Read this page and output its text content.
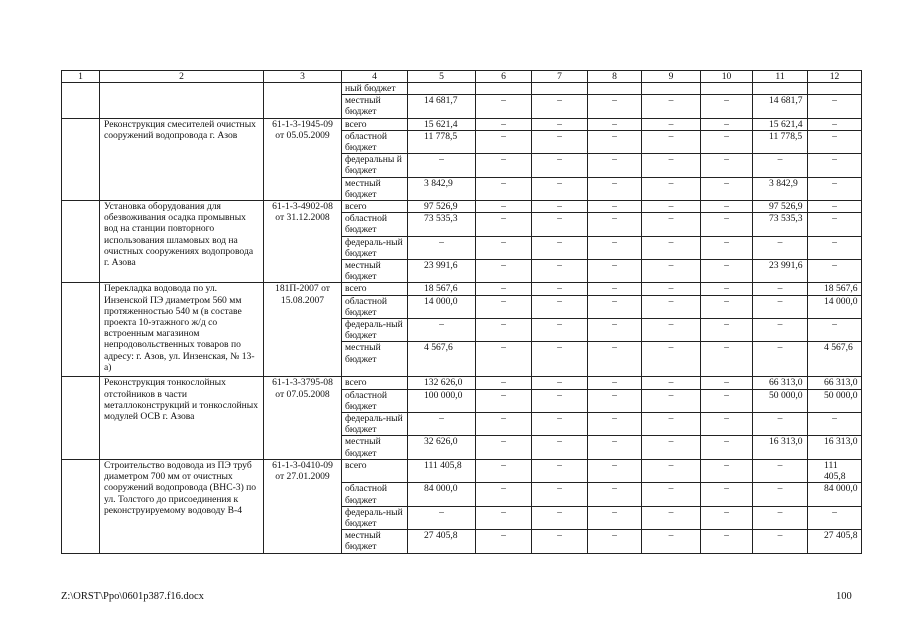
1	2	3	4	5	6	7	8	9	10	11	12
			ный бюджет								
			местный бюджет	14 681,7	–	–	–	–	–	14 681,7	–
	Реконструкция смесителей очистных сооружений водопровода г. Азов	61-1-3-1945-09 от 05.05.2009	всего	15 621,4	–	–	–	–	–	15 621,4	–
			областной бюджет	11 778,5	–	–	–	–	–	11 778,5	–
			федеральны й бюджет	–	–	–	–	–	–	–	–
			местный бюджет	3 842,9	–	–	–	–	–	3 842,9	–
	Установка оборудования для обезвоживания осадка промывных вод на станции повторного использования шламовых вод на очистных сооружениях водопровода г. Азова	61-1-3-4902-08 от 31.12.2008	всего	97 526,9	–	–	–	–	–	97 526,9	–
			областной бюджет	73 535,3	–	–	–	–	–	73 535,3	–
			федераль-ный бюджет	–	–	–	–	–	–	–	–
			местный бюджет	23 991,6	–	–	–	–	–	23 991,6	–
	Перекладка водовода по ул. Инзенской ПЭ диаметром 560 мм протяженностью 540 м (в составе проекта 10-этажного ж/д со встроенным магазином непродовольственных товаров по адресу: г. Азов, ул. Инзенская, № 13-а)	181П-2007 от 15.08.2007	всего	18 567,6	–	–	–	–	–	–	18 567,6
			областной бюджет	14 000,0	–	–	–	–	–	–	14 000,0
			федераль-ный бюджет	–	–	–	–	–	–	–	–
			местный бюджет	4 567,6	–	–	–	–	–	–	4 567,6
	Реконструкция тонкослойных отстойников в части металлоконструкций и тонкослойных модулей ОСВ г. Азова	61-1-3-3795-08 от 07.05.2008	всего	132 626,0	–	–	–	–	–	66 313,0	66 313,0
			областной бюджет	100 000,0	–	–	–	–	–	50 000,0	50 000,0
			федераль-ный бюджет	–	–	–	–	–	–	–	–
			местный бюджет	32 626,0	–	–	–	–	–	16 313,0	16 313,0
	Строительство водовода из ПЭ труб диаметром 700 мм от очистных сооружений водопровода (ВНС-3) по ул. Толстого до присоединения к реконструируемому водоводу В-4	61-1-3-0410-09 от 27.01.2009	всего	111 405,8	–	–	–	–	–	–	111 405,8
			областной бюджет	84 000,0	–	–	–	–	–	–	84 000,0
			федераль-ный бюджет	–	–	–	–	–	–	–	–
			местный бюджет	27 405,8	–	–	–	–	–	–	27 405,8
Z:\ORST\Ppo\0601p387.f16.docx	100
